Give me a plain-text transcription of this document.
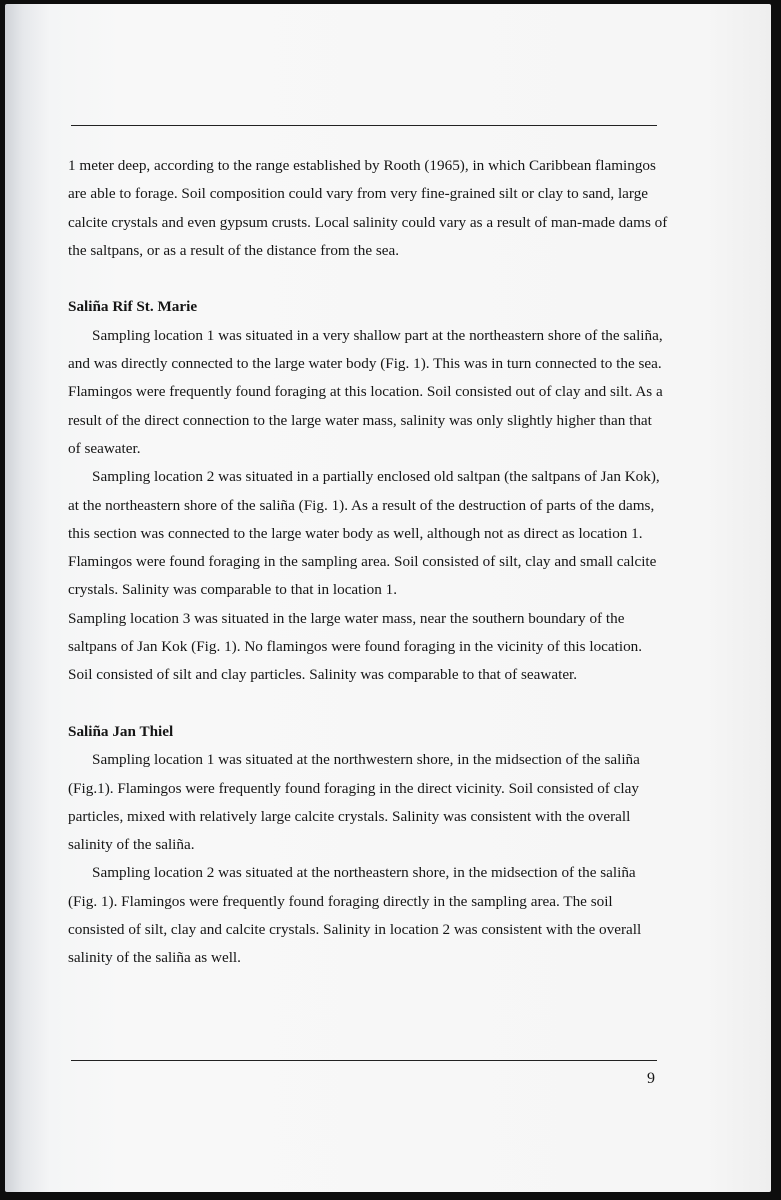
1 meter deep, according to the range established by Rooth (1965), in which Caribbean flamingos are able to forage. Soil composition could vary from very fine-grained silt or clay to sand, large calcite crystals and even gypsum crusts. Local salinity could vary as a result of man-made dams of the saltpans, or as a result of the distance from the sea.

Saliña Rif St. Marie

Sampling location 1 was situated in a very shallow part at the northeastern shore of the saliña, and was directly connected to the large water body (Fig. 1). This was in turn connected to the sea. Flamingos were frequently found foraging at this location. Soil consisted out of clay and silt. As a result of the direct connection to the large water mass, salinity was only slightly higher than that of seawater.

Sampling location 2 was situated in a partially enclosed old saltpan (the saltpans of Jan Kok), at the northeastern shore of the saliña (Fig. 1). As a result of the destruction of parts of the dams, this section was connected to the large water body as well, although not as direct as location 1. Flamingos were found foraging in the sampling area. Soil consisted of silt, clay and small calcite crystals. Salinity was comparable to that in location 1.

Sampling location 3 was situated in the large water mass, near the southern boundary of the saltpans of Jan Kok (Fig. 1). No flamingos were found foraging in the vicinity of this location. Soil consisted of silt and clay particles. Salinity was comparable to that of seawater.

Saliña Jan Thiel

Sampling location 1 was situated at the northwestern shore, in the midsection of the saliña (Fig.1). Flamingos were frequently found foraging in the direct vicinity. Soil consisted of clay particles, mixed with relatively large calcite crystals. Salinity was consistent with the overall salinity of the saliña.

Sampling location 2 was situated at the northeastern shore, in the midsection of the saliña (Fig. 1). Flamingos were frequently found foraging directly in the sampling area. The soil consisted of silt, clay and calcite crystals. Salinity in location 2 was consistent with the overall salinity of the saliña as well.

9
